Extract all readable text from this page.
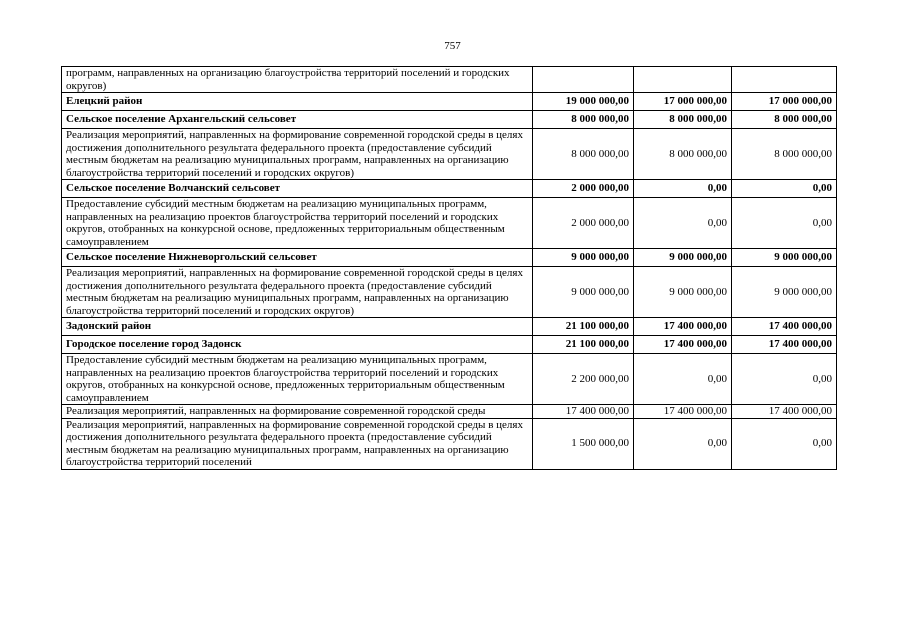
757
программ, направленных на организацию благоустройства территорий поселений и городских округов)			
Елецкий район	19 000 000,00	17 000 000,00	17 000 000,00
Сельское поселение Архангельский сельсовет	8 000 000,00	8 000 000,00	8 000 000,00
Реализация мероприятий, направленных на формирование современной городской среды в целях достижения дополнительного результата федерального проекта (предоставление субсидий местным бюджетам на реализацию муниципальных программ, направленных на организацию благоустройства территорий поселений и городских округов)	8 000 000,00	8 000 000,00	8 000 000,00
Сельское поселение Волчанский сельсовет	2 000 000,00	0,00	0,00
Предоставление субсидий местным бюджетам на реализацию муниципальных программ, направленных на реализацию проектов благоустройства территорий поселений и городских округов, отобранных на конкурсной основе, предложенных территориальным общественным самоуправлением	2 000 000,00	0,00	0,00
Сельское поселение Нижневоргольский сельсовет	9 000 000,00	9 000 000,00	9 000 000,00
Реализация мероприятий, направленных на формирование современной городской среды в целях достижения дополнительного результата федерального проекта (предоставление субсидий местным бюджетам на реализацию муниципальных программ, направленных на организацию благоустройства территорий поселений и городских округов)	9 000 000,00	9 000 000,00	9 000 000,00
Задонский район	21 100 000,00	17 400 000,00	17 400 000,00
Городское поселение город Задонск	21 100 000,00	17 400 000,00	17 400 000,00
Предоставление субсидий местным бюджетам на реализацию муниципальных программ, направленных на реализацию проектов благоустройства территорий поселений и городских округов, отобранных на конкурсной основе, предложенных территориальным общественным самоуправлением	2 200 000,00	0,00	0,00
Реализация мероприятий, направленных на формирование современной городской среды	17 400 000,00	17 400 000,00	17 400 000,00
Реализация мероприятий, направленных на формирование современной городской среды в целях достижения дополнительного результата федерального проекта (предоставление субсидий местным бюджетам на реализацию муниципальных программ, направленных на организацию благоустройства территорий поселений	1 500 000,00	0,00	0,00
